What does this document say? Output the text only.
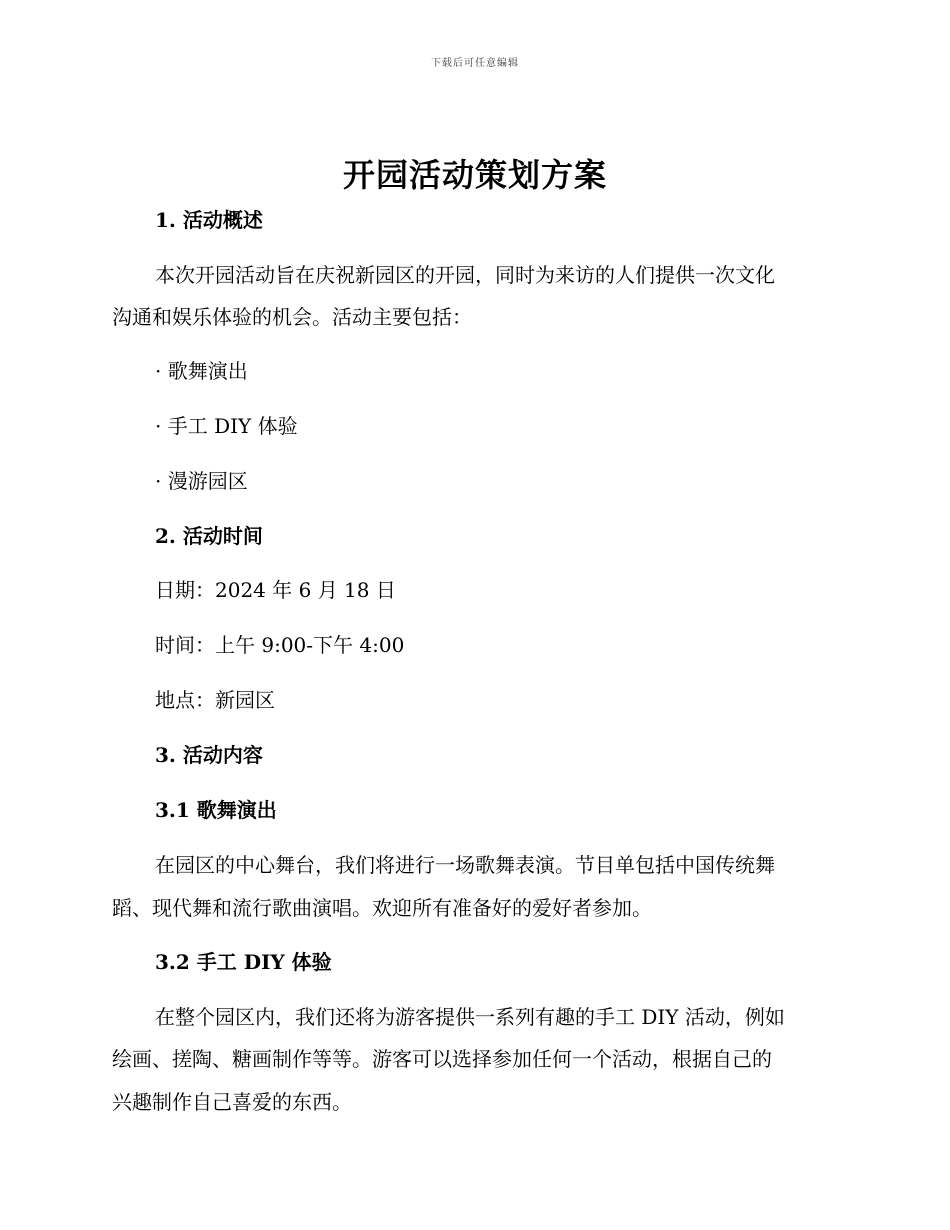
下载后可任意编辑
开园活动策划方案
1. 活动概述
本次开园活动旨在庆祝新园区的开园，同时为来访的人们提供一次文化
沟通和娱乐体验的机会。活动主要包括：
· 歌舞演出
· 手工 DIY 体验
· 漫游园区
2. 活动时间
日期：2024 年 6 月 18 日
时间：上午 9:00-下午 4:00
地点：新园区
3. 活动内容
3.1 歌舞演出
在园区的中心舞台，我们将进行一场歌舞表演。节目单包括中国传统舞
蹈、现代舞和流行歌曲演唱。欢迎所有准备好的爱好者参加。
3.2 手工 DIY 体验
在整个园区内，我们还将为游客提供一系列有趣的手工 DIY 活动，例如
绘画、搓陶、糖画制作等等。游客可以选择参加任何一个活动，根据自己的
兴趣制作自己喜爱的东西。
